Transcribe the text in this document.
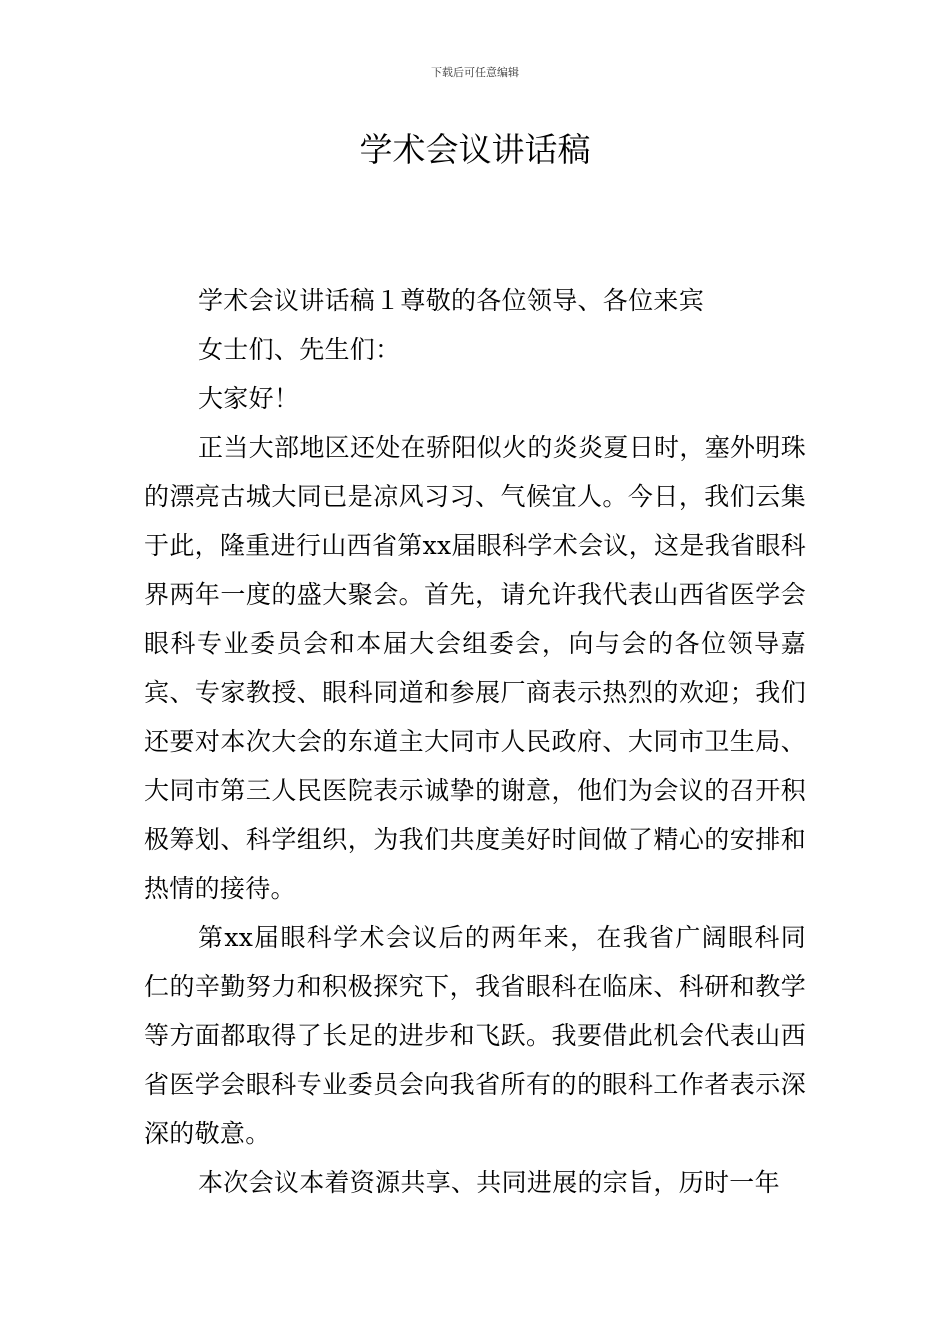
下载后可任意编辑
学术会议讲话稿

学术会议讲话稿１尊敬的各位领导、各位来宾

女士们、先生们：

大家好！

正当大部地区还处在骄阳似火的炎炎夏日时，塞外明珠的漂亮古城大同已是凉风习习、气候宜人。今日，我们云集于此，隆重进行山西省第xx届眼科学术会议，这是我省眼科界两年一度的盛大聚会。首先，请允许我代表山西省医学会眼科专业委员会和本届大会组委会，向与会的各位领导嘉宾、专家教授、眼科同道和参展厂商表示热烈的欢迎；我们还要对本次大会的东道主大同市人民政府、大同市卫生局、大同市第三人民医院表示诚挚的谢意，他们为会议的召开积极筹划、科学组织，为我们共度美好时间做了精心的安排和热情的接待。

第xx届眼科学术会议后的两年来，在我省广阔眼科同仁的辛勤努力和积极探究下，我省眼科在临床、科研和教学等方面都取得了长足的进步和飞跃。我要借此机会代表山西省医学会眼科专业委员会向我省所有的的眼科工作者表示深深的敬意。

本次会议本着资源共享、共同进展的宗旨，历时一年
